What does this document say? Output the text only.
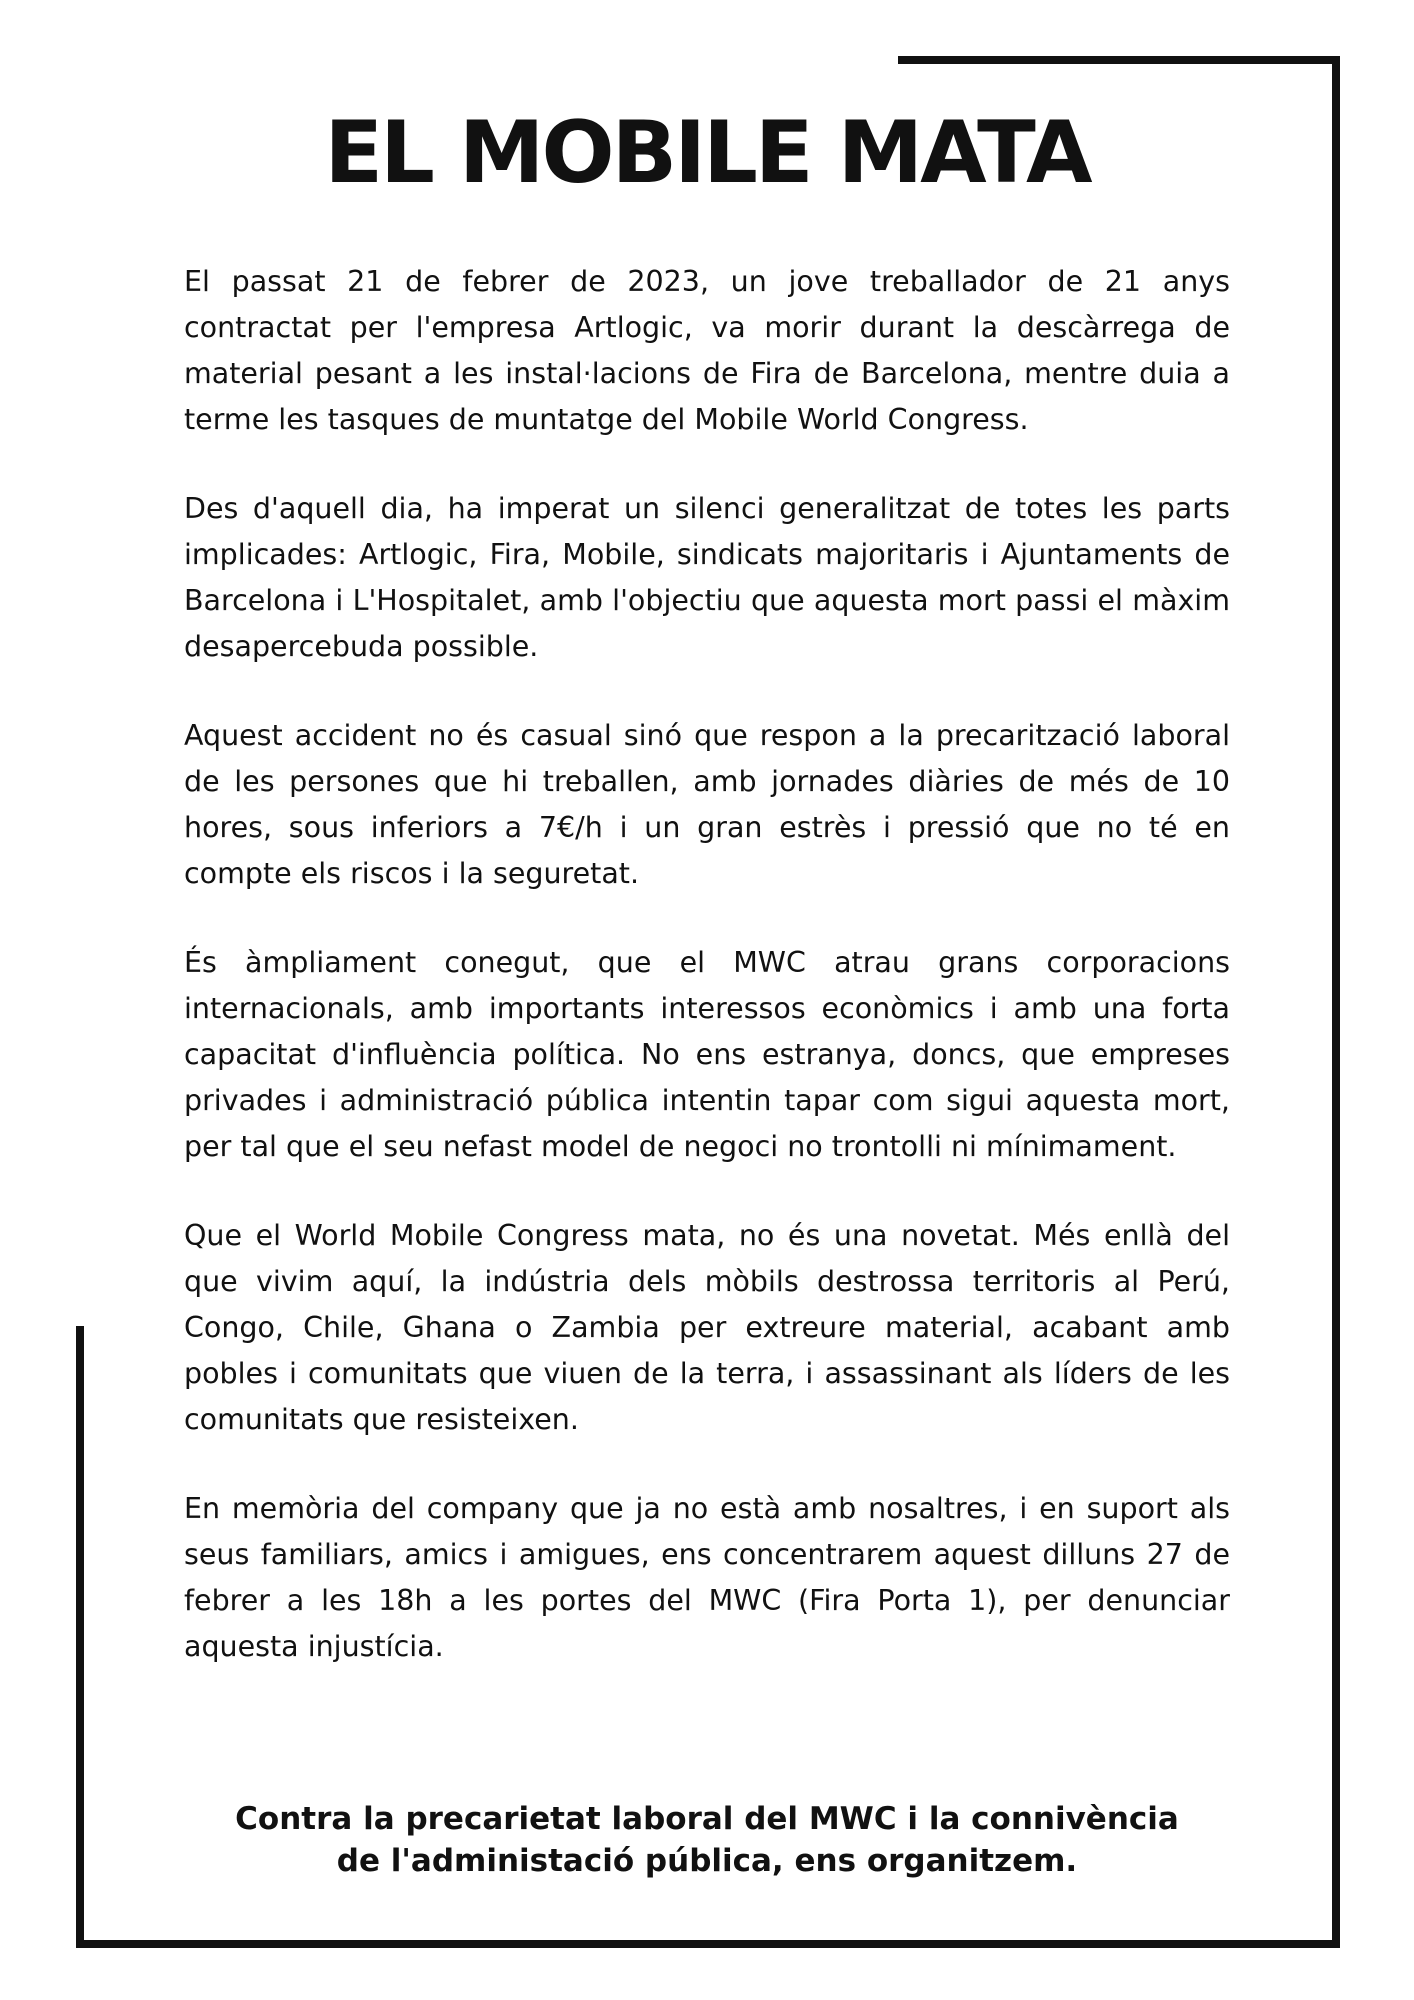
EL MOBILE MATA

El passat 21 de febrer de 2023, un jove treballador de 21 anys contractat per l'empresa Artlogic, va morir durant la descàrrega de material pesant a les instal·lacions de Fira de Barcelona, mentre duia a terme les tasques de muntatge del Mobile World Congress.

Des d'aquell dia, ha imperat un silenci generalitzat de totes les parts implicades: Artlogic, Fira, Mobile, sindicats majoritaris i Ajuntaments de Barcelona i L'Hospitalet, amb l'objectiu que aquesta mort passi el màxim desapercebuda possible.

Aquest accident no és casual sinó que respon a la precarització laboral de les persones que hi treballen, amb jornades diàries de més de 10 hores, sous inferiors a 7€/h i un gran estrès i pressió que no té en compte els riscos i la seguretat.

És àmpliament conegut, que el MWC atrau grans corporacions internacionals, amb importants interessos econòmics i amb una forta capacitat d'influència política. No ens estranya, doncs, que empreses privades i administració pública intentin tapar com sigui aquesta mort, per tal que el seu nefast model de negoci no trontolli ni mínimament.

Que el World Mobile Congress mata, no és una novetat. Més enllà del que vivim aquí, la indústria dels mòbils destrossa territoris al Perú, Congo, Chile, Ghana o Zambia per extreure material, acabant amb pobles i comunitats que viuen de la terra, i assassinant als líders de les comunitats que resisteixen.

En memòria del company que ja no està amb nosaltres, i en suport als seus familiars, amics i amigues, ens concentrarem aquest dilluns 27 de febrer a les 18h a les portes del MWC (Fira Porta 1), per denunciar aquesta injustícia.

Contra la precarietat laboral del MWC i la connivència
de l'administació pública, ens organitzem.
